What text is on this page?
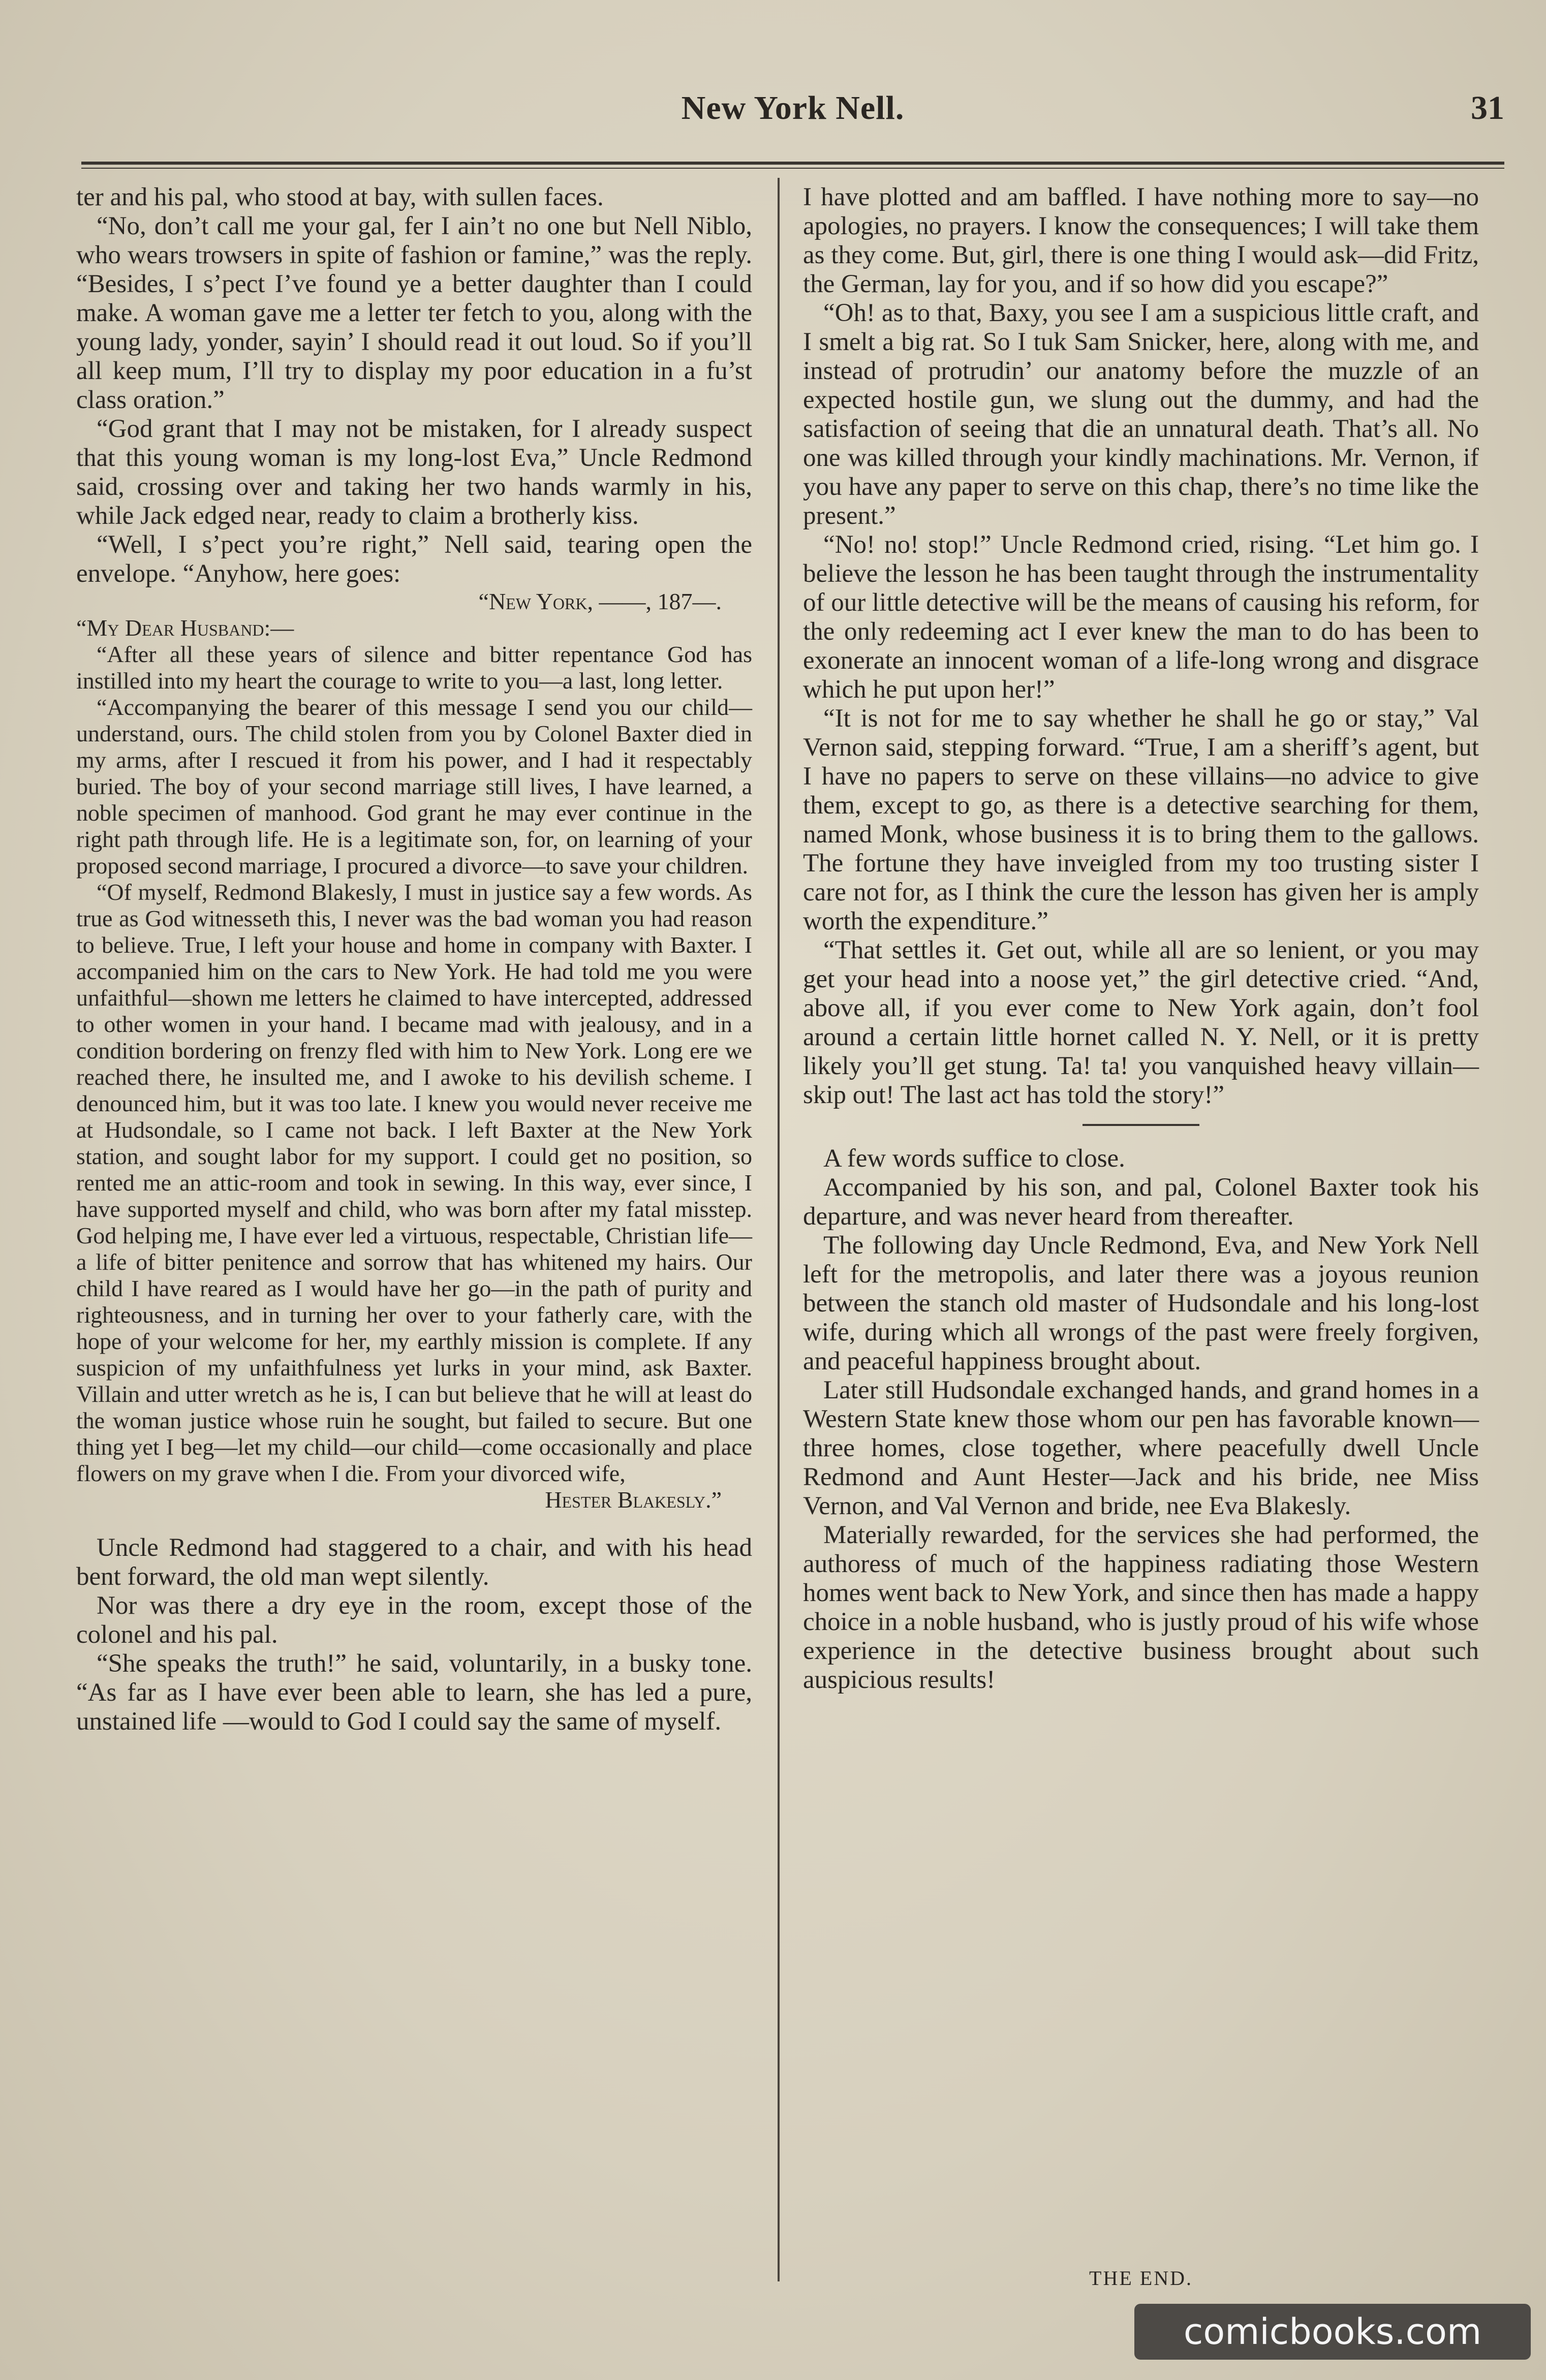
New York Nell.	31

ter and his pal, who stood at bay, with sullen faces.

“No, don’t call me your gal, fer I ain’t no one but Nell Niblo, who wears trowsers in spite of fashion or famine,” was the reply. “Besides, I s’pect I’ve found ye a better daughter than I could make. A woman gave me a letter ter fetch to you, along with the young lady, yonder, sayin’ I should read it out loud. So if you’ll all keep mum, I’ll try to display my poor education in a fu’st class oration.”

“God grant that I may not be mistaken, for I already suspect that this young woman is my long-lost Eva,” Uncle Redmond said, crossing over and taking her two hands warmly in his, while Jack edged near, ready to claim a brotherly kiss.

“Well, I s’pect you’re right,” Nell said, tearing open the envelope. “Anyhow, here goes:

“New York, ——, 187—.

“My Dear Husband:—

“After all these years of silence and bitter repentance God has instilled into my heart the courage to write to you—a last, long letter.

“Accompanying the bearer of this message I send you our child—understand, ours. The child stolen from you by Colonel Baxter died in my arms, after I rescued it from his power, and I had it respectably buried. The boy of your second marriage still lives, I have learned, a noble specimen of manhood. God grant he may ever continue in the right path through life. He is a legitimate son, for, on learning of your proposed second marriage, I procured a divorce—to save your children.

“Of myself, Redmond Blakesly, I must in justice say a few words. As true as God witnesseth this, I never was the bad woman you had reason to believe. True, I left your house and home in company with Baxter. I accompanied him on the cars to New York. He had told me you were unfaithful—shown me letters he claimed to have intercepted, addressed to other women in your hand. I became mad with jealousy, and in a condition bordering on frenzy fled with him to New York. Long ere we reached there, he insulted me, and I awoke to his devilish scheme. I denounced him, but it was too late. I knew you would never receive me at Hudsondale, so I came not back. I left Baxter at the New York station, and sought labor for my support. I could get no position, so rented me an attic-room and took in sewing. In this way, ever since, I have supported myself and child, who was born after my fatal misstep. God helping me, I have ever led a virtuous, respectable, Christian life—a life of bitter penitence and sorrow that has whitened my hairs. Our child I have reared as I would have her go—in the path of purity and righteousness, and in turning her over to your fatherly care, with the hope of your welcome for her, my earthly mission is complete. If any suspicion of my unfaithfulness yet lurks in your mind, ask Baxter. Villain and utter wretch as he is, I can but believe that he will at least do the woman justice whose ruin he sought, but failed to secure. But one thing yet I beg—let my child—our child—come occasionally and place flowers on my grave when I die. From your divorced wife,

Hester Blakesly.”

Uncle Redmond had staggered to a chair, and with his head bent forward, the old man wept silently.

Nor was there a dry eye in the room, except those of the colonel and his pal.

“She speaks the truth!” he said, voluntarily, in a busky tone. “As far as I have ever been able to learn, she has led a pure, unstained life —would to God I could say the same of myself.

I have plotted and am baffled. I have nothing more to say—no apologies, no prayers. I know the consequences; I will take them as they come. But, girl, there is one thing I would ask—did Fritz, the German, lay for you, and if so how did you escape?”

“Oh! as to that, Baxy, you see I am a suspicious little craft, and I smelt a big rat. So I tuk Sam Snicker, here, along with me, and instead of protrudin’ our anatomy before the muzzle of an expected hostile gun, we slung out the dummy, and had the satisfaction of seeing that die an unnatural death. That’s all. No one was killed through your kindly machinations. Mr. Vernon, if you have any paper to serve on this chap, there’s no time like the present.”

“No! no! stop!” Uncle Redmond cried, rising. “Let him go. I believe the lesson he has been taught through the instrumentality of our little detective will be the means of causing his reform, for the only redeeming act I ever knew the man to do has been to exonerate an innocent woman of a life-long wrong and disgrace which he put upon her!”

“It is not for me to say whether he shall he go or stay,” Val Vernon said, stepping forward. “True, I am a sheriff’s agent, but I have no papers to serve on these villains—no advice to give them, except to go, as there is a detective searching for them, named Monk, whose business it is to bring them to the gallows. The fortune they have inveigled from my too trusting sister I care not for, as I think the cure the lesson has given her is amply worth the expenditure.”

“That settles it. Get out, while all are so lenient, or you may get your head into a noose yet,” the girl detective cried. “And, above all, if you ever come to New York again, don’t fool around a certain little hornet called N. Y. Nell, or it is pretty likely you’ll get stung. Ta! ta! you vanquished heavy villain—skip out! The last act has told the story!”

A few words suffice to close.

Accompanied by his son, and pal, Colonel Baxter took his departure, and was never heard from thereafter.

The following day Uncle Redmond, Eva, and New York Nell left for the metropolis, and later there was a joyous reunion between the stanch old master of Hudsondale and his long-lost wife, during which all wrongs of the past were freely forgiven, and peaceful happiness brought about.

Later still Hudsondale exchanged hands, and grand homes in a Western State knew those whom our pen has favorable known—three homes, close together, where peacefully dwell Uncle Redmond and Aunt Hester—Jack and his bride, nee Miss Vernon, and Val Vernon and bride, nee Eva Blakesly.

Materially rewarded, for the services she had performed, the authoress of much of the happiness radiating those Western homes went back to New York, and since then has made a happy choice in a noble husband, who is justly proud of his wife whose experience in the detective business brought about such auspicious results!

THE END.
comicbooks.com
